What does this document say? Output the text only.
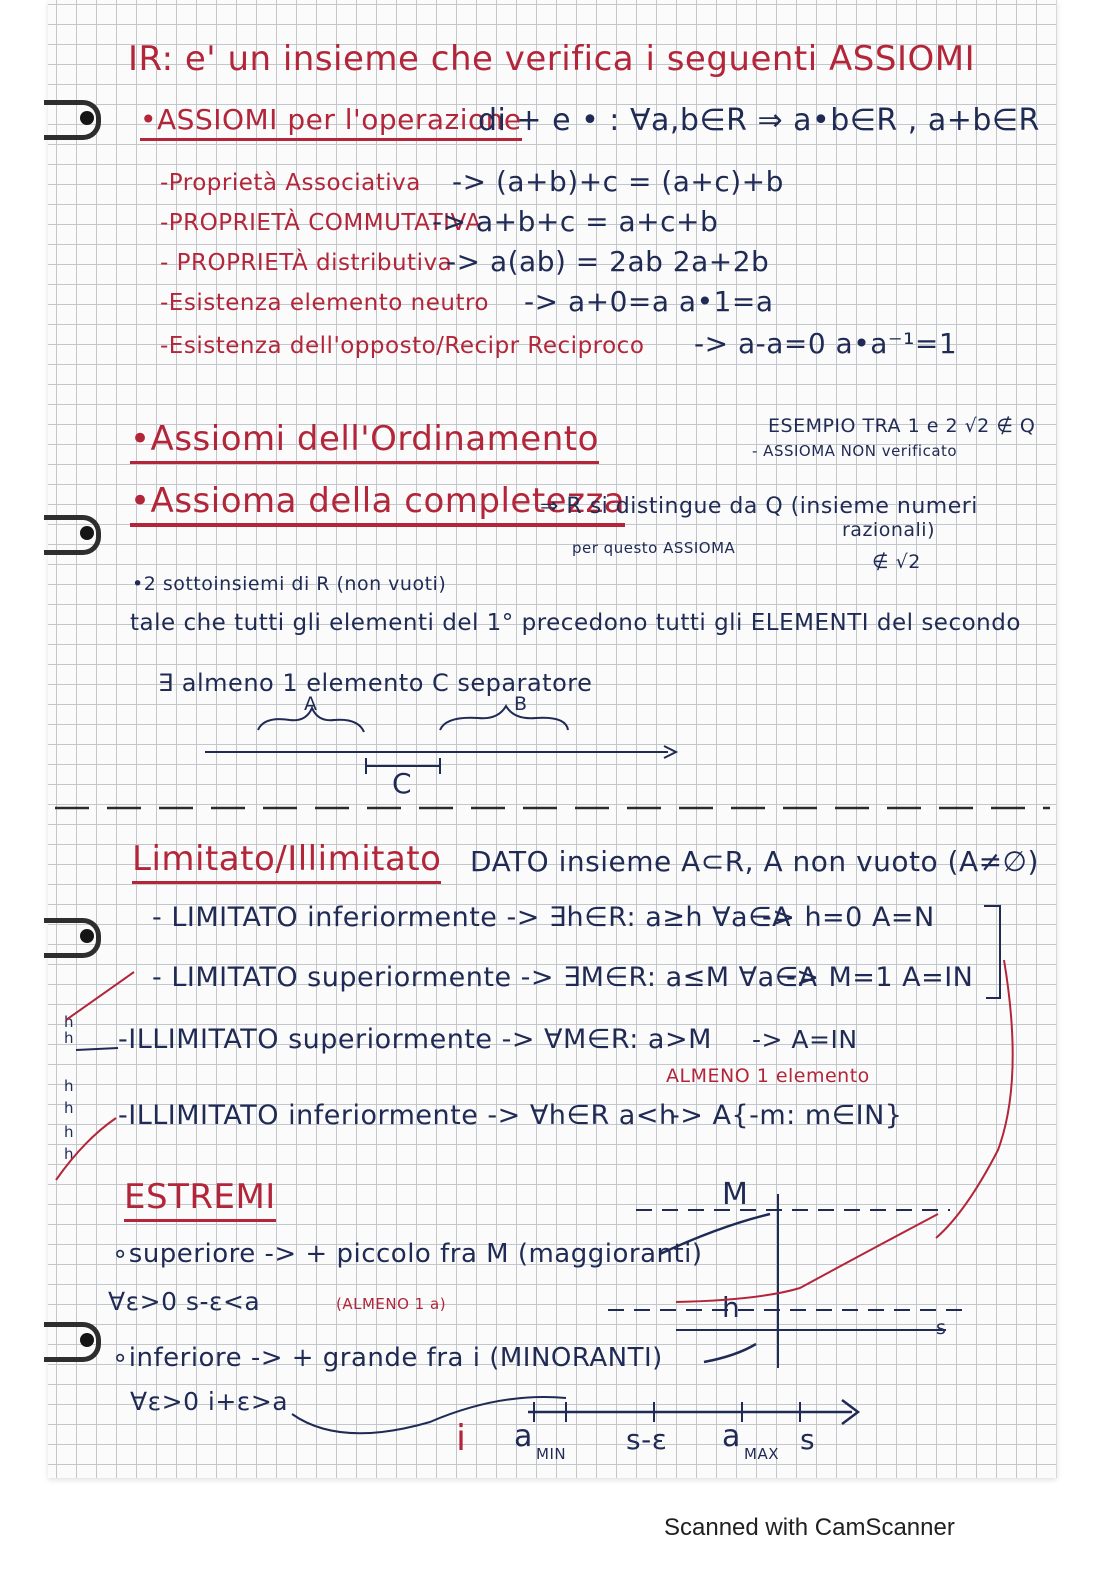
IR: e' un insieme che verifica i seguenti ASSIOMI

•ASSIOMI per l'operazione

di + e • : ∀a,b∈R ⇒ a•b∈R , a+b∈R

-Proprietà Associativa -> (a+b)+c = (a+c)+b

-PROPRIETÀ COMMUTATIVA

-> a+b+c = a+c+b

- PROPRIETÀ distributiva

-> a(ab) = 2ab 2a+2b

-Esistenza elemento neutro -> a+0=a a•1=a

-Esistenza dell'opposto/Recipr Reciproco -> a-a=0 a•a⁻¹=1

•Assiomi dell'Ordinamento	ESEMPIO TRA 1 e 2 √2 ∉ Q

- ASSIOMA NON verificato

•Assioma della completezza

⇒ R si distingue da Q (insieme numeri

razionali)

per questo ASSIOMA

∉ √2

•2 sottoinsiemi di R (non vuoti)

tale che tutti gli elementi del 1° precedono tutti gli ELEMENTI del secondo

∃ almeno 1 elemento C separatore

A	B

C

Limitato/Illimitato DATO insieme A⊂R, A non vuoto (A≠∅)

- LIMITATO inferiormente -> ∃h∈R: a≥h ∀a∈A

-> h=0 A=N

- LIMITATO superiormente -> ∃M∈R: a≤M ∀a∈A

-> M=1 A=IN

-ILLIMITATO superiormente -> ∀M∈R: a>M -> A=IN

ALMENO 1 elemento

-ILLIMITATO inferiormente -> ∀h∈R a<h

-> A{-m: m∈IN}

h

h

h

h

h

h

ESTREMI

∘superiore -> + piccolo fra M (maggioranti)

∀ε>0 s-ε<a	(ALMENO 1 a)

∘inferiore -> + grande fra i (MINORANTI)

∀ε>0 i+ε>a

M

h

s

i a MIN s-ε a MAX s

Scanned with CamScanner
